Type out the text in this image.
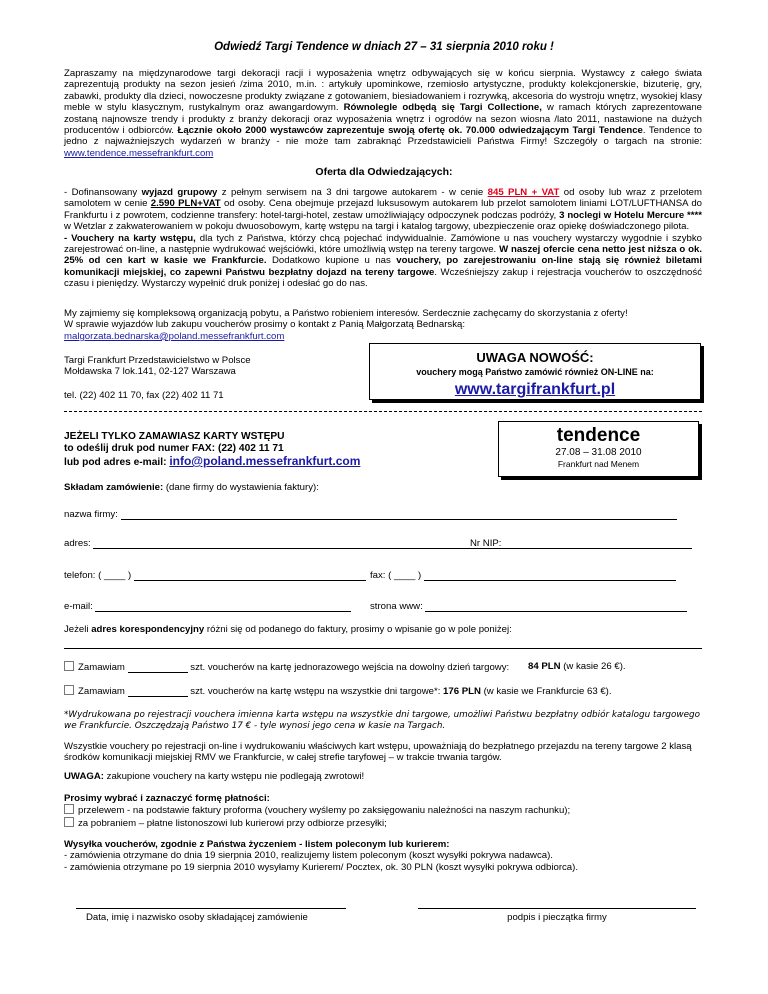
Odwiedź Targi Tendence w dniach 27 – 31 sierpnia 2010 roku !
Zapraszamy na międzynarodowe targi dekoracji racji i wyposażenia wnętrz odbywających się w końcu sierpnia. Wystawcy z całego świata zaprezentują produkty na sezon jesień /zima 2010, m.in. : artykuły upominkowe, rzemiosło artystyczne, produkty kolekcjonerskie, bizuterię, gry, zabawki, produkty dla dzieci, nowoczesne produkty związane z gotowaniem, biesiadowaniem i rozrywką, akcesoria do wystroju wnętrz, wysokiej klasy meble w stylu klasycznym, rustykalnym oraz awangardowym. Równolegle odbędą się Targi Collectione, w ramach których zaprezentowane zostaną najnowsze trendy i produkty z branży dekoracji oraz wyposażenia wnętrz i ogrodów na sezon wiosna /lato 2011, nastawione na dużych producentów i odbiorców. Łącznie około 2000 wystawców zaprezentuje swoją ofertę ok. 70.000 odwiedzającym Targi Tendence. Tendence to jedno z najważniejszych wydarzeń w branży - nie może tam zabraknąć Przedstawicieli Państwa Firmy! Szczegóły o targach na stronie: www.tendence.messefrankfurt.com
Oferta dla Odwiedzających:
- Dofinansowany wyjazd grupowy z pełnym serwisem na 3 dni targowe autokarem - w cenie 845 PLN + VAT od osoby lub wraz z przelotem samolotem w cenie 2.590 PLN+VAT od osoby. Cena obejmuje przejazd luksusowym autokarem lub przelot samolotem liniami LOT/LUFTHANSA do Frankfurtu i z powrotem, codzienne transfery: hotel-targi-hotel, zestaw umożliwiający odpoczynek podczas podróży, 3 noclegi w Hotelu Mercure **** w Wetzlar z zakwaterowaniem w pokoju dwuosobowym, kartę wstępu na targi i katalog targowy, ubezpieczenie oraz opiekę doświadczonego pilota.
- Vouchery na karty wstępu, dla tych z Państwa, którzy chcą pojechać indywidualnie. Zamówione u nas vouchery wystarczy wygodnie i szybko zarejestrować on-line, a następnie wydrukować wejściówki, które umożliwią wstęp na tereny targowe. W naszej ofercie cena netto jest niższa o ok. 25% od cen kart w kasie we Frankfurcie. Dodatkowo kupione u nas vouchery, po zarejestrowaniu on-line stają się również biletami komunikacji miejskiej, co zapewni Państwu bezpłatny dojazd na tereny targowe. Wcześniejszy zakup i rejestracja voucherów to oszczędność czasu i pieniędzy. Wystarczy wypełnić druk poniżej i odesłać go do nas.

My zajmiemy się kompleksową organizacją pobytu, a Państwo robieniem interesów. Serdecznie zachęcamy do skorzystania z oferty!

W sprawie wyjazdów lub zakupu voucherów prosimy o kontakt z Panią Małgorzatą Bednarską:

malgorzata.bednarska@poland.messefrankfurt.com

Targi Frankfurt Przedstawicielstwo w Polsce

Mołdawska 7 lok.141, 02-127 Warszawa

tel. (22) 402 11 70, fax (22) 402 11 71

UWAGA NOWOŚĆ:
vouchery mogą Państwo zamówić również ON-LINE na:
www.targifrankfurt.pl

JEŻELI TYLKO ZAMAWIASZ KARTY WSTĘPU

to odeślij druk pod numer FAX: (22) 402 11 71

lub pod adres e-mail: info@poland.messefrankfurt.com

tendence
27.08 – 31.08 2010
Frankfurt nad Menem
Składam zamówienie: (dane firmy do wystawienia faktury):
nazwa firmy:
adres:	Nr NIP:
telefon: ( ____ )	fax: ( ____ )
e-mail:	strona www:
Jeżeli adres korespondencyjny różni się od podanego do faktury, prosimy o wpisanie go w pole poniżej:
Zamawiam	szt. voucherów na kartę jednorazowego wejścia na dowolny dzień targowy: 84 PLN (w kasie 26 €).
Zamawiam	szt. voucherów na kartę wstępu na wszystkie dni targowe*: 176 PLN (w kasie we Frankfurcie 63 €).
*Wydrukowana po rejestracji vouchera imienna karta wstępu na wszystkie dni targowe, umożliwi Państwu bezpłatny odbiór katalogu targowego we Frankfurcie. Oszczędzają Państwo 17 € - tyle wynosi jego cena w kasie na Targach.
Wszystkie vouchery po rejestracji on-line i wydrukowaniu właściwych kart wstępu, upoważniają do bezpłatnego przejazdu na tereny targowe 2 klasą środków komunikacji miejskiej RMV we Frankfurcie, w całej strefie taryfowej – w trakcie trwania targów.
UWAGA: zakupione vouchery na karty wstępu nie podlegają zwrotowi!

Prosimy wybrać i zaznaczyć formę płatności:

przelewem - na podstawie faktury proforma (vouchery wyślemy po zaksięgowaniu należności na naszym rachunku);

za pobraniem – płatne listonoszowi lub kurierowi przy odbiorze przesyłki;

Wysyłka voucherów, zgodnie z Państwa życzeniem - listem poleconym lub kurierem:

- zamówienia otrzymane do dnia 19 sierpnia 2010, realizujemy listem poleconym (koszt wysyłki pokrywa nadawca).

- zamówienia otrzymane po 19 sierpnia 2010 wysyłamy Kurierem/ Pocztex, ok. 30 PLN (koszt wysyłki pokrywa odbiorca).

Data, imię i nazwisko osoby składającej zamówienie	podpis i pieczątka firmy
